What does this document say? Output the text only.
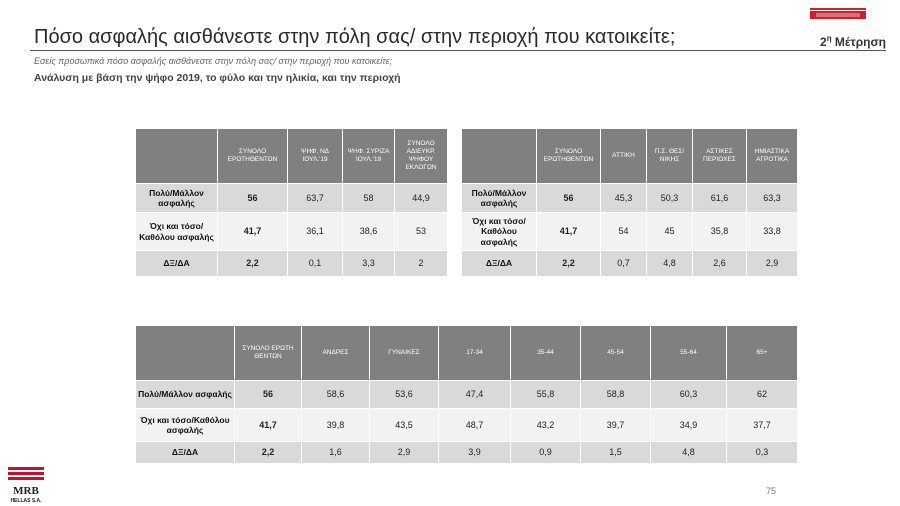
Πόσο ασφαλής αισθάνεστε στην πόλη σας/ στην περιοχή που κατοικείτε;	$2^\eta$ Μέτρηση
Εσείς προσωπικά πόσο ασφαλής αισθάνεστε στην πόλη σας/ στην περιοχή που κατοικείτε;
Ανάλυση με βάση την ψήφο 2019, το φύλο και την ηλικία, και την περιοχή
	ΣΥΝΟΛΟ ΕΡΩΤΗΘΕΝΤΩΝ	ΨΗΦ. ΝΔ ΙΟΥΛ.'19	ΨΗΦ. ΣΥΡΙΖΑ ΙΟΥΛ.'19	ΣΥΝΟΛΟ ΑΔΙΕΥΚΡ. ΨΗΦΟΥ ΕΚΛΟΓΩΝ
Πολύ/Μάλλον ασφαλής	56	63,7	58	44,9
Όχι και τόσο/Καθόλου ασφαλής	41,7	36,1	38,6	53
ΔΞ/ΔΑ	2,2	0,1	3,3	2
	ΣΥΝΟΛΟ ΕΡΩΤΗΘΕΝΤΩΝ	ΑΤΤΙΚΗ	Π.Σ. ΘΕΣ/ ΝΙΚΗΣ	ΑΣΤΙΚΕΣ ΠΕΡΙΟΧΕΣ	ΗΜΙΑΣΤΙΚΑ ΑΓΡΟΤΙΚΑ
Πολύ/Μάλλον ασφαλής	56	45,3	50,3	61,6	63,3
Όχι και τόσο/Καθόλου ασφαλής	41,7	54	45	35,8	33,8
ΔΞ/ΔΑ	2,2	0,7	4,8	2,6	2,9
	ΣΥΝΟΛΟ ΕΡΩΤΗ ΘΕΝΤΩΝ	ΑΝΔΡΕΣ	ΓΥΝΑΙΚΕΣ	17-34	35-44	45-54	55-64	65+
Πολύ/Μάλλον ασφαλής	56	58,6	53,6	47,4	55,8	58,8	60,3	62
Όχι και τόσο/Καθόλου ασφαλής	41,7	39,8	43,5	48,7	43,2	39,7	34,9	37,7
ΔΞ/ΔΑ	2,2	1,6	2,9	3,9	0,9	1,5	4,8	0,3
MRB
HELLAS S.A.
75
